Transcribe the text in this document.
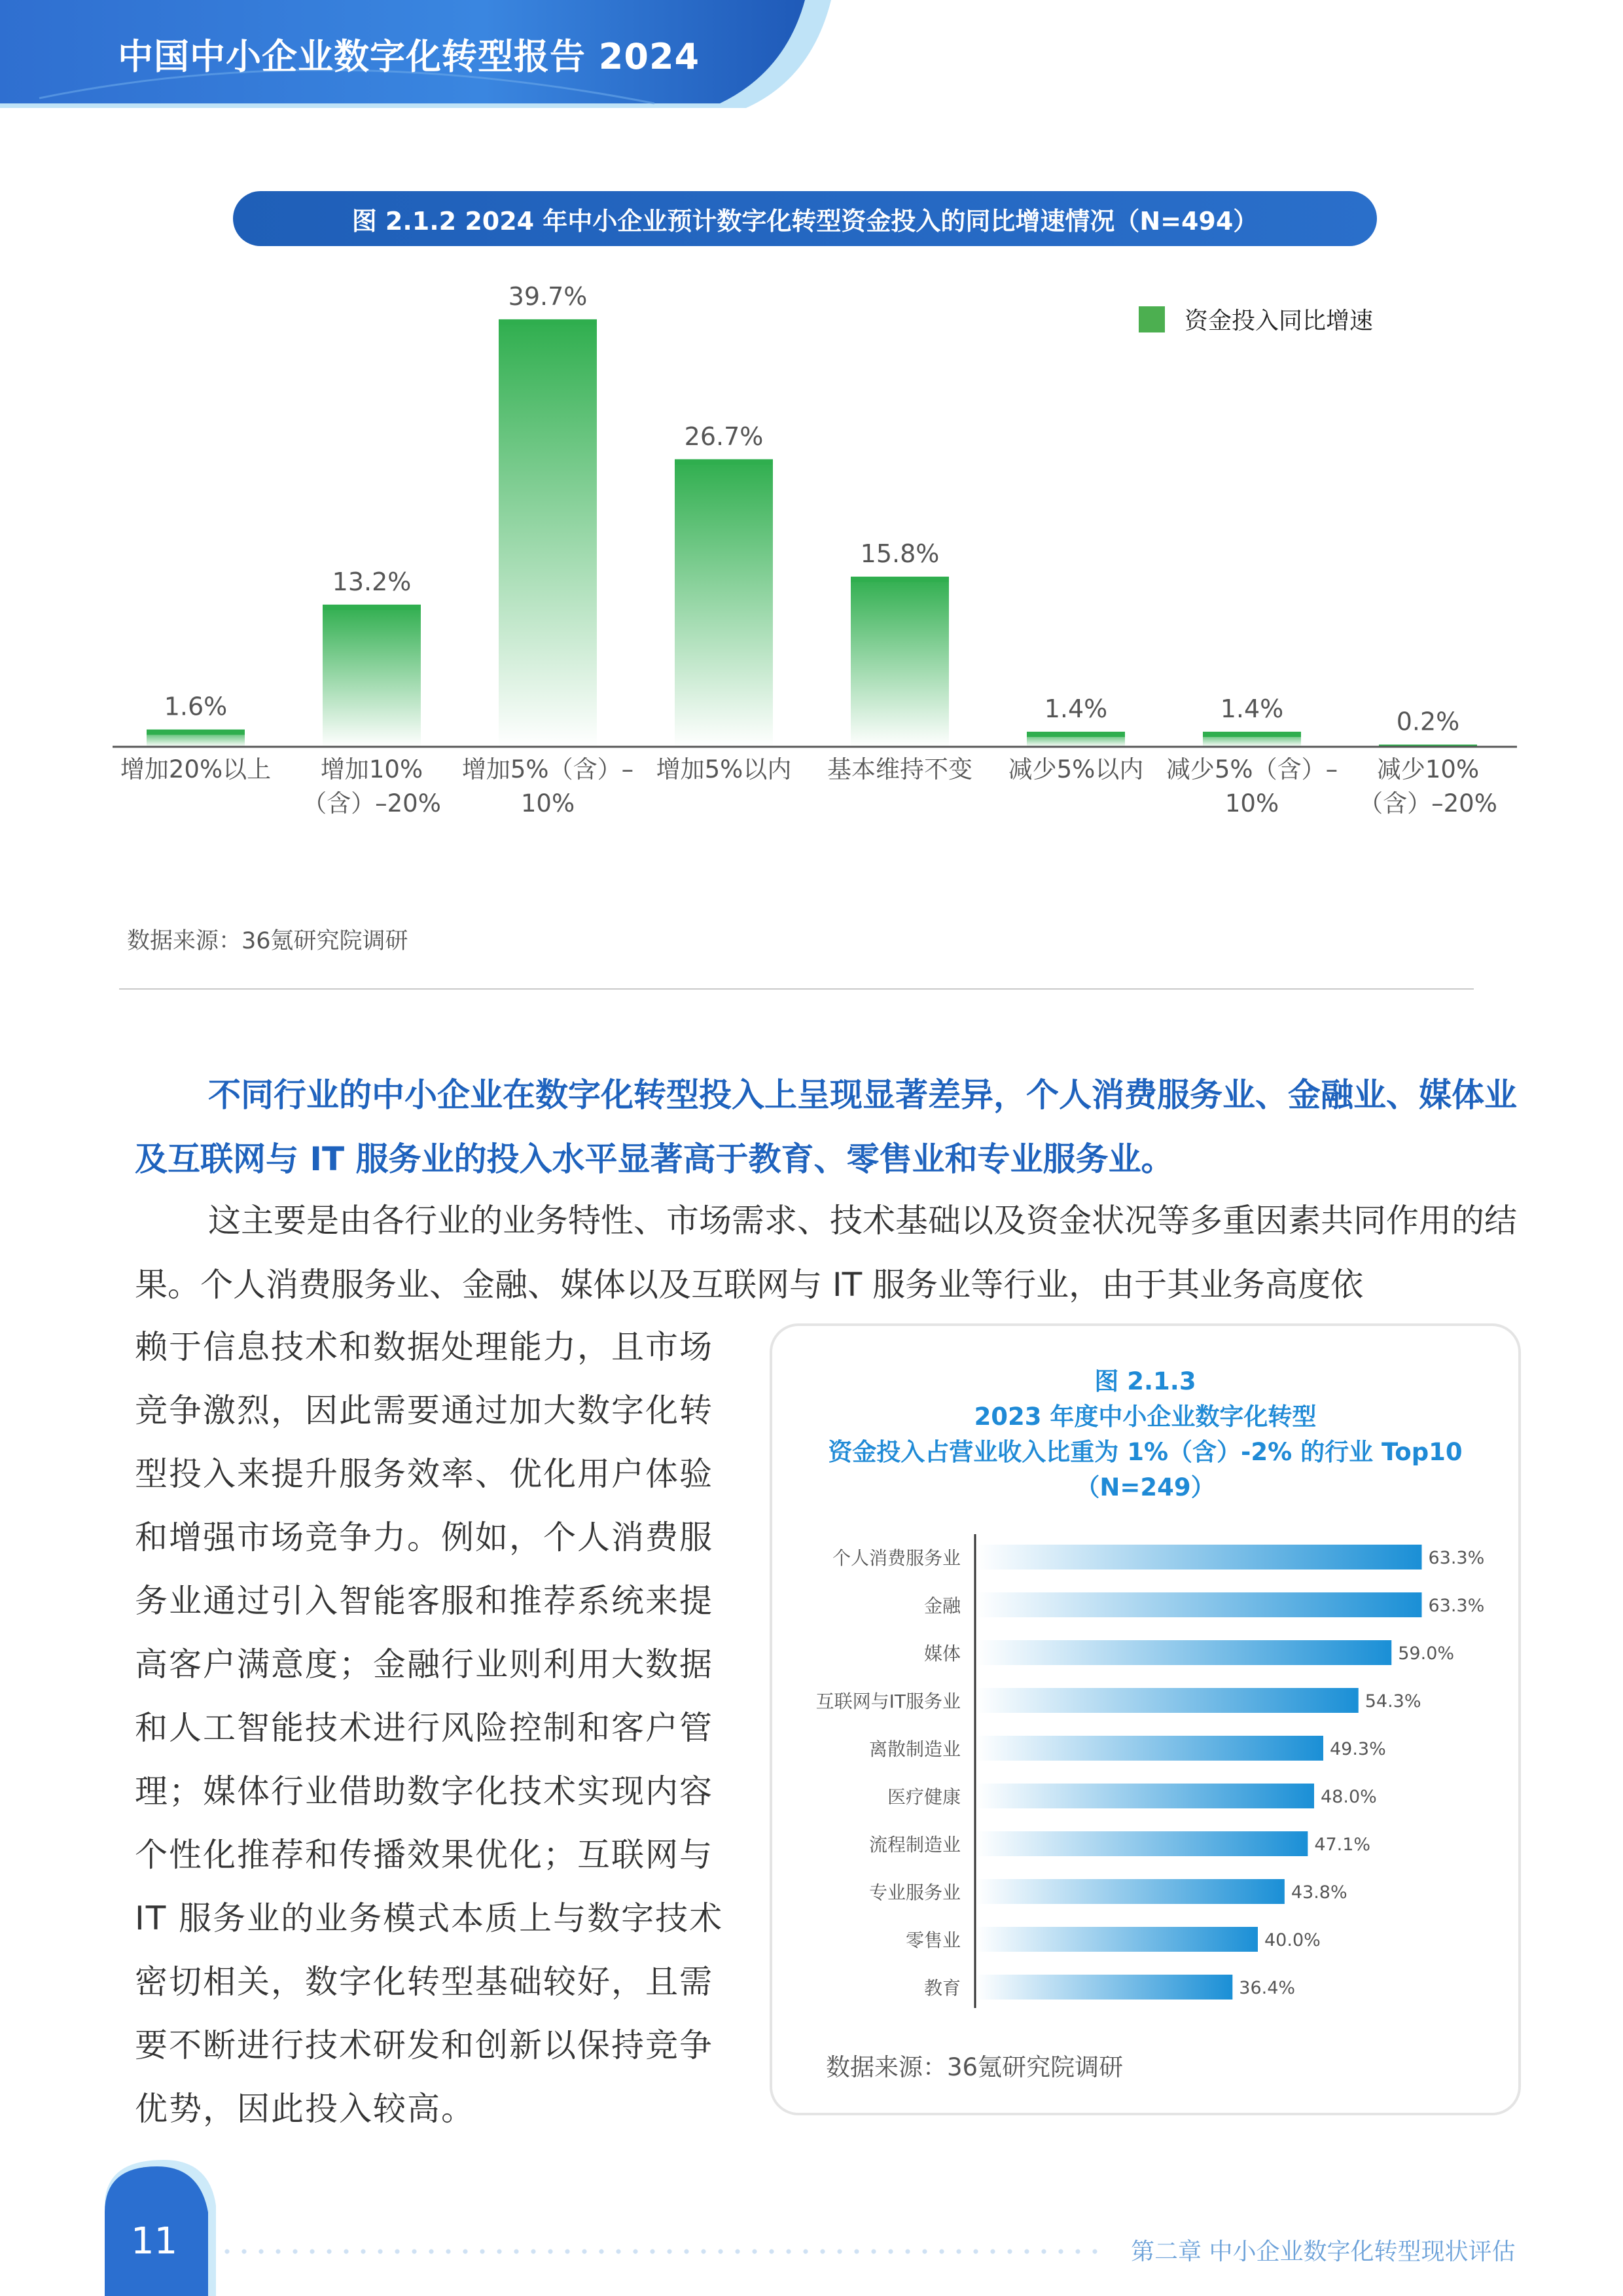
中国中小企业数字化转型报告 2024
图 2.1.2 2024 年中小企业预计数字化转型资金投入的同比增速情况（N=494）
资金投入同比增速
1.6%
13.2%
39.7%
26.7%
15.8%
1.4%	1.4%	0.2%
增加20%以上	增加10%（含）–20%
增加5%（含）–10%
增加5%以内	基本维持不变	减少5%以内 减少5%（含）–10%
减少10%（含）–20%
数据来源：36氪研究院调研
不同行业的中小企业在数字化转型投入上呈现显著差异，个人消费服务业、金融业、媒体业及互联网与 IT 服务业的投入水平显著高于教育、零售业和专业服务业。
这主要是由各行业的业务特性、市场需求、技术基础以及资金状况等多重因素共同作用的结果。个人消费服务业、金融、媒体以及互联网与 IT 服务业等行业，由于其业务高度依
赖于信息技术和数据处理能力，且市场竞争激烈，因此需要通过加大数字化转型投入来提升服务效率、优化用户体验和增强市场竞争力。例如，个人消费服务业通过引入智能客服和推荐系统来提高客户满意度；金融行业则利用大数据和人工智能技术进行风险控制和客户管理；媒体行业借助数字化技术实现内容个性化推荐和传播效果优化；互联网与 IT 服务业的业务模式本质上与数字技术密切相关，数字化转型基础较好，且需要不断进行技术研发和创新以保持竞争优势，因此投入较高。
图 2.1.3
2023 年度中小企业数字化转型
资金投入占营业收入比重为 1%（含）-2% 的行业 Top10
（N=249）
个人消费服务业	63.3%
金融	63.3%
媒体	59.0%
互联网与IT服务业	54.3%
离散制造业	49.3%
医疗健康	48.0%
流程制造业	47.1%
专业服务业	43.8%
零售业	40.0%
教育	36.4%
数据来源：36氪研究院调研
11	第二章 中小企业数字化转型现状评估
